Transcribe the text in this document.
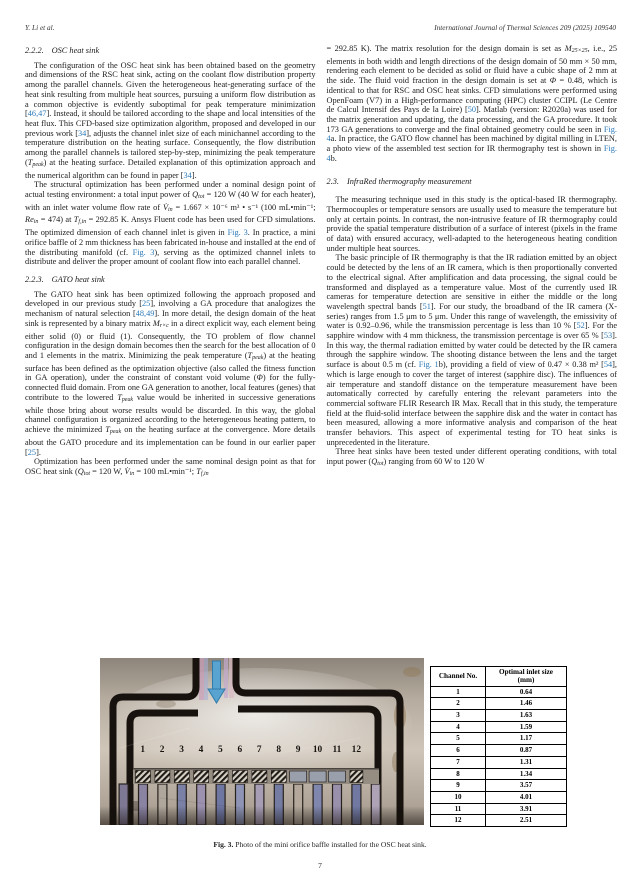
Y. Li et al.	International Journal of Thermal Sciences 209 (2025) 109540
2.2.2. OSC heat sink

The configuration of the OSC heat sink has been obtained based on the geometry and dimensions of the RSC heat sink, acting on the coolant flow distribution property among the parallel channels. Given the heterogeneous heat-generating surface of the heat sink resulting from multiple heat sources, pursuing a uniform flow distribution as a common objective is evidently suboptimal for peak temperature minimization [46,47]. Instead, it should be tailored according to the shape and local intensities of the heat flux. This CFD-based size optimization algorithm, proposed and developed in our previous work [34], adjusts the channel inlet size of each minichannel according to the temperature distribution on the heating surface. Consequently, the flow distribution among the parallel channels is tailored step-by-step, minimizing the peak temperature (Tpeak) at the heating surface. Detailed explanation of this optimization approach and the numerical algorithm can be found in paper [34].

The structural optimization has been performed under a nominal design point of actual testing environment: a total input power of Qtot = 120 W (40 W for each heater), with an inlet water volume flow rate of V̇in = 1.667 × 10⁻⁶ m³ • s⁻¹ (100 mL•min⁻¹; Rein = 474) at Tf,in = 292.85 K. Ansys Fluent code has been used for CFD simulations. The optimized dimension of each channel inlet is given in Fig. 3. In practice, a mini orifice baffle of 2 mm thickness has been fabricated in-house and installed at the end of the distributing manifold (cf. Fig. 3), serving as the optimized channel inlets to distribute and deliver the proper amount of coolant flow into each parallel channel.

2.2.3. GATO heat sink

The GATO heat sink has been optimized following the approach proposed and developed in our previous study [25], involving a GA procedure that analogizes the mechanism of natural selection [48,49]. In more detail, the design domain of the heat sink is represented by a binary matrix Mr×c in a direct explicit way, each element being either solid (0) or fluid (1). Consequently, the TO problem of flow channel configuration in the design domain becomes then the search for the best allocation of 0 and 1 elements in the matrix. Minimizing the peak temperature (Tpeak) at the heating surface has been defined as the optimization objective (also called the fitness function in GA operation), under the constraint of constant void volume (Φ) for the fully-connected fluid domain. From one GA generation to another, local features (genes) that contribute to the lowered Tpeak value would be inherited in successive generations while those bring about worse results would be discarded. In this way, the global channel configuration is organized according to the heterogeneous heating pattern, to achieve the minimized Tpeak on the heating surface at the convergence. More details about the GATO procedure and its implementation can be found in our earlier paper [25].

Optimization has been performed under the same nominal design point as that for OSC heat sink (Qtot = 120 W, V̇in = 100 mL•min⁻¹; Tf,in

= 292.85 K). The matrix resolution for the design domain is set as M25×25, i.e., 25 elements in both width and length directions of the design domain of 50 mm × 50 mm, rendering each element to be decided as solid or fluid have a cubic shape of 2 mm at the side. The fluid void fraction in the design domain is set at Φ = 0.48, which is identical to that for RSC and OSC heat sinks. CFD simulations were performed using OpenFoam (V7) in a High-performance computing (HPC) cluster CCIPL (Le Centre de Calcul Intensif des Pays de la Loire) [50]. Matlab (version: R2020a) was used for the matrix generation and updating, the data processing, and the GA procedure. It took 173 GA generations to converge and the final obtained geometry could be seen in Fig. 4a. In practice, the GATO flow channel has been machined by digital milling in LTEN, a photo view of the assembled test section for IR thermography test is shown in Fig. 4b.

2.3. InfraRed thermography measurement

The measuring technique used in this study is the optical-based IR thermography. Thermocouples or temperature sensors are usually used to measure the temperature but only at certain points. In contrast, the non-intrusive feature of IR thermography could provide the spatial temperature distribution of a surface of interest (pixels in the frame of data) with ensured accuracy, well-adapted to the heterogeneous heating condition under multiple heat sources.

The basic principle of IR thermography is that the IR radiation emitted by an object could be detected by the lens of an IR camera, which is then proportionally converted to the electrical signal. After amplification and data processing, the signal could be transformed and displayed as a temperature value. Most of the currently used IR cameras for temperature detection are sensitive in either the middle or the long wavelength spectral bands [51]. For our study, the broadband of the IR camera (X-series) ranges from 1.5 μm to 5 μm. Under this range of wavelength, the emissivity of water is 0.92–0.96, while the transmission percentage is less than 10 % [52]. For the sapphire window with 4 mm thickness, the transmission percentage is over 65 % [53]. In this way, the thermal radiation emitted by water could be detected by the IR camera through the sapphire window. The shooting distance between the lens and the target surface is about 0.5 m (cf. Fig. 1b), providing a field of view of 0.47 × 0.38 m² [54], which is large enough to cover the target of interest (sapphire disc). The influences of air temperature and standoff distance on the temperature measurement have been automatically corrected by carefully entering the relevant parameters into the commercial software FLIR Research IR Max. Recall that in this study, the temperature field at the fluid-solid interface between the sapphire disk and the water in contact has been measured, allowing a more informative analysis and comparison of the heat transfer behaviors. This aspect of experimental testing for TO heat sinks is unprecedented in the literature.

Three heat sinks have been tested under different operating conditions, with total input power (Qtot) ranging from 60 W to 120 W

1	2	3	4	5	6	7	8	9	10	11	12
Channel No.	Optimal inlet size
(mm)
1	0.64
2	1.46
3	1.63
4	1.59
5	1.17
6	0.87
7	1.31
8	1.34
9	3.57
10	4.01
11	3.91
12	2.51
Fig. 3. Photo of the mini orifice baffle installed for the OSC heat sink.
7
